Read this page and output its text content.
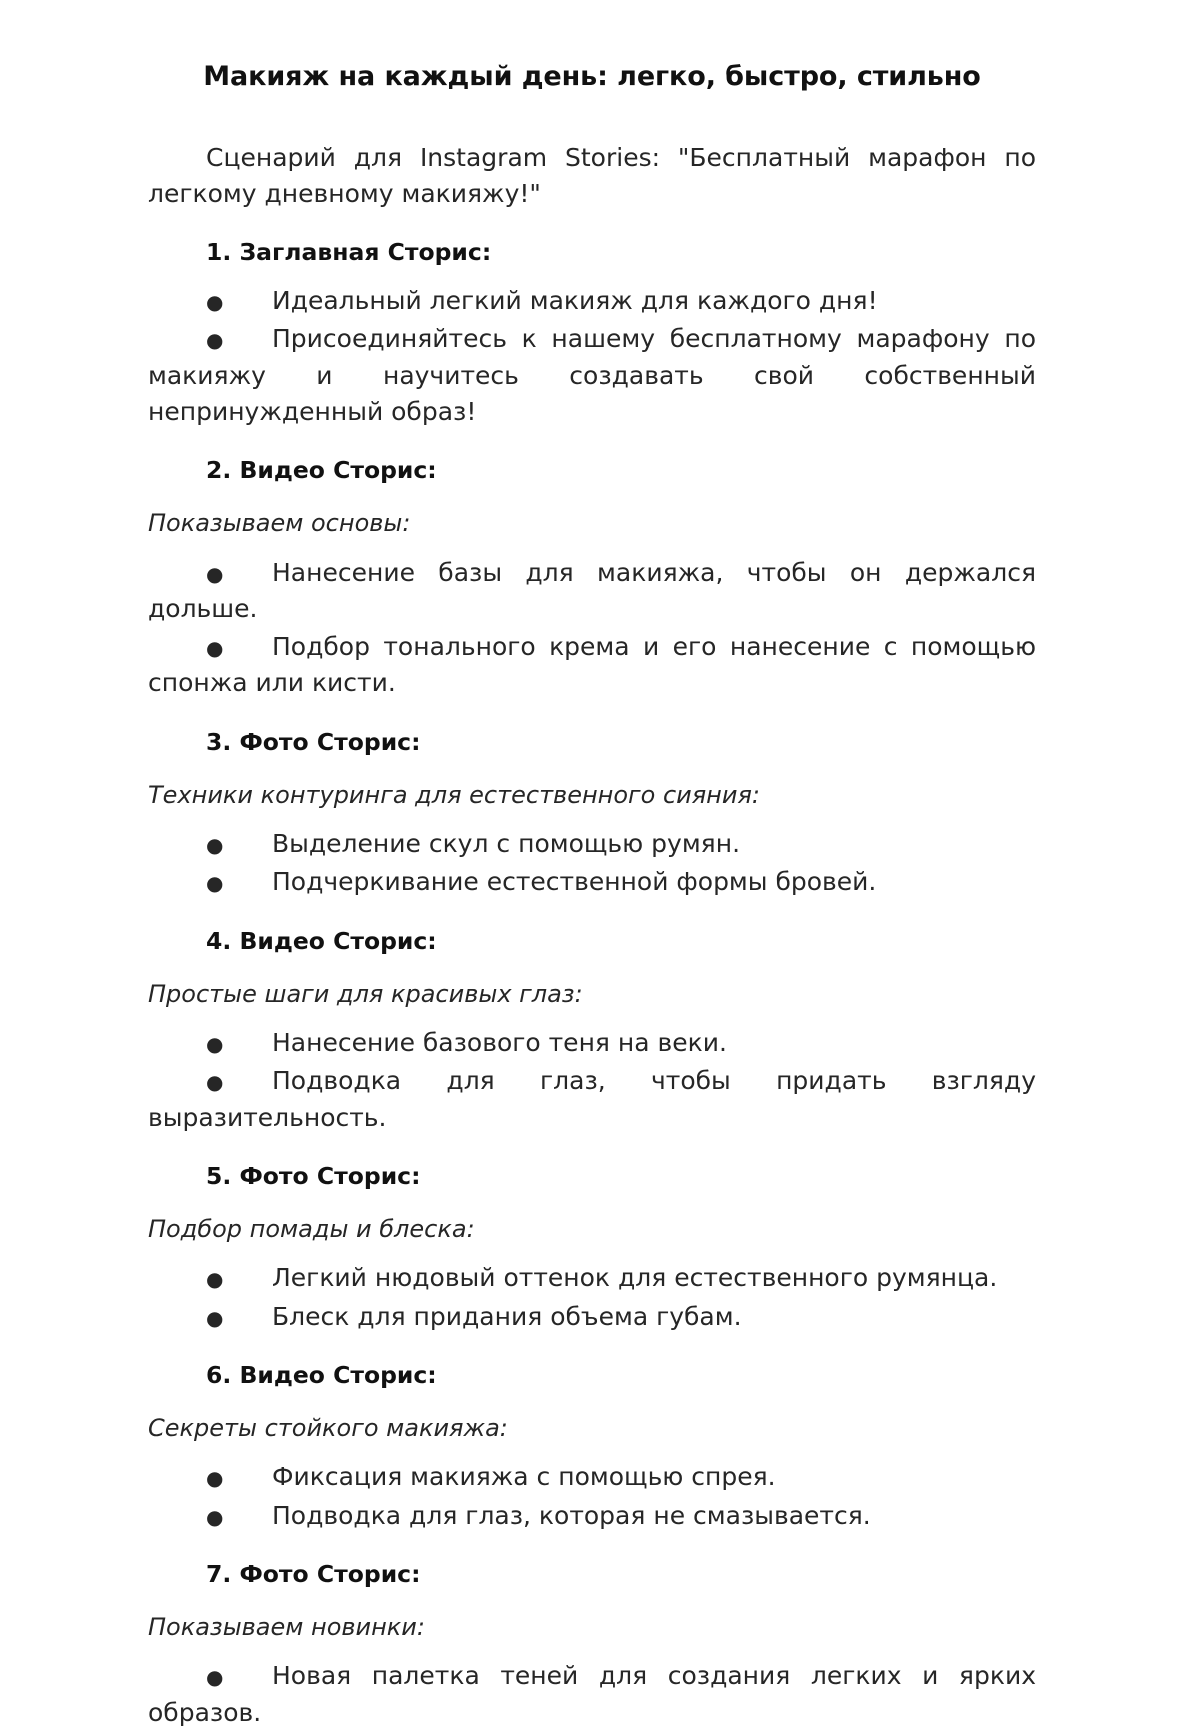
Макияж на каждый день: легко, быстро, стильно

Сценарий для Instagram Stories: "Бесплатный марафон по легкому дневному макияжу!"

1. Заглавная Сторис:

● Идеальный легкий макияж для каждого дня!
● Присоединяйтесь к нашему бесплатному марафону по макияжу и научитесь создавать свой собственный непринужденный образ!

2. Видео Сторис:

Показываем основы:

● Нанесение базы для макияжа, чтобы он держался дольше.
● Подбор тонального крема и его нанесение с помощью спонжа или кисти.

3. Фото Сторис:

Техники контуринга для естественного сияния:

● Выделение скул с помощью румян.
● Подчеркивание естественной формы бровей.

4. Видео Сторис:

Простые шаги для красивых глаз:

● Нанесение базового теня на веки.
● Подводка для глаз, чтобы придать взгляду выразительность.

5. Фото Сторис:

Подбор помады и блеска:

● Легкий нюдовый оттенок для естественного румянца.
● Блеск для придания объема губам.

6. Видео Сторис:

Секреты стойкого макияжа:

● Фиксация макияжа с помощью спрея.
● Подводка для глаз, которая не смазывается.

7. Фото Сторис:

Показываем новинки:

● Новая палетка теней для создания легких и ярких образов.
